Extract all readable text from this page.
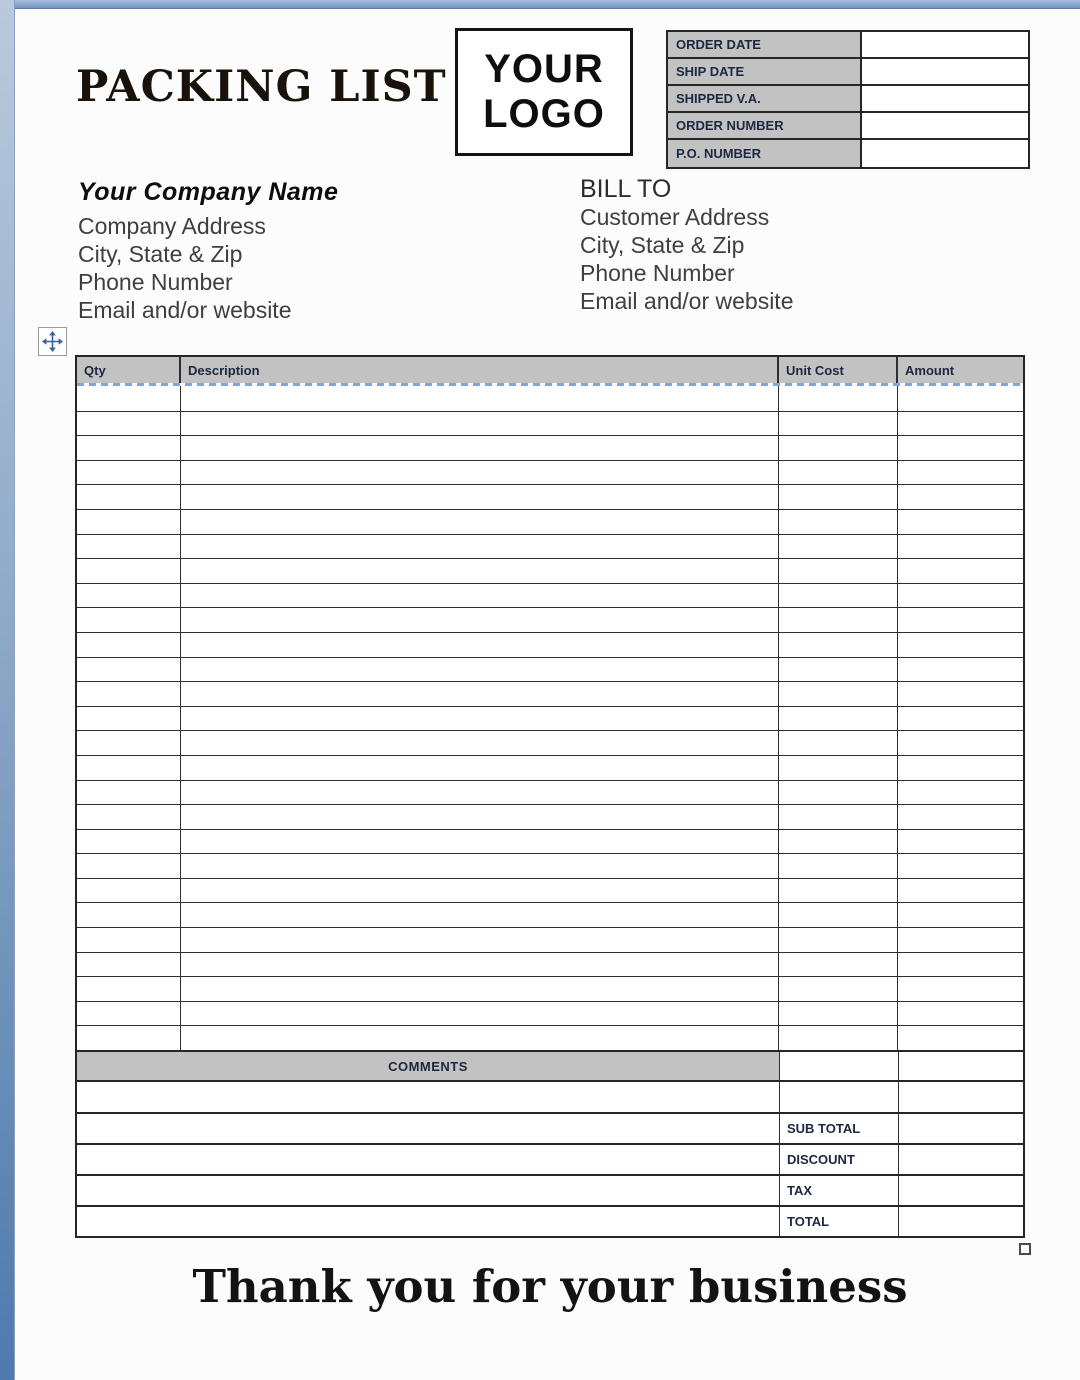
PACKING LIST YOUR
LOGO
ORDER DATE
SHIP DATE
SHIPPED V.A.
ORDER NUMBER
P.O. NUMBER
Your Company Name
Company Address
City, State & Zip
Phone Number
Email and/or website
BILL TO
Customer Address
City, State & Zip
Phone Number
Email and/or website
Qty	Description	Unit Cost	Amount
COMMENTS
SUB TOTAL
DISCOUNT
TAX
TOTAL
Thank you for your business
